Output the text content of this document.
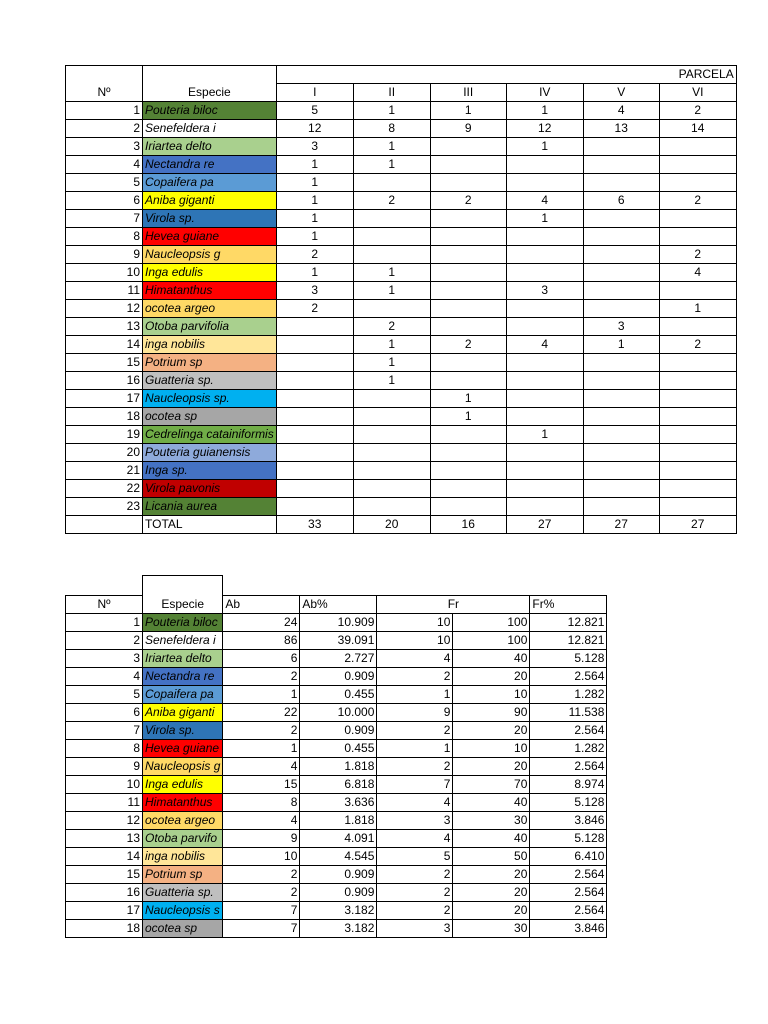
		PARCELA					
Nº	Especie	I	II	III	IV	V	VI
1	Pouteria biloc	5	1	1	1	4	2
2	Senefeldera i	12	8	9	12	13	14
3	Iriartea delto	3	1		1		
4	Nectandra re	1	1				
5	Copaifera pa	1					
6	Aniba giganti	1	2	2	4	6	2
7	Virola sp.	1			1		
8	Hevea guiane	1					
9	Naucleopsis g	2					2
10	Inga edulis	1	1				4
11	Himatanthus	3	1		3		
12	ocotea argeo	2					1
13	Otoba parvifolia		2			3	
14	inga nobilis		1	2	4	1	2
15	Potrium sp		1				
16	Guatteria sp.		1				
17	Naucleopsis sp.			1			
18	ocotea sp			1			
19	Cedrelinga catainiformis				1		
20	Pouteria guianensis						
21	Inga sp.						
22	Virola pavonis						
23	Licania aurea						
	TOTAL	33	20	16	27	27	27

Nº	Especie	Ab	Ab%	Fr		Fr%
1	Pouteria biloc	24	10.909	10	100	12.821
2	Senefeldera i	86	39.091	10	100	12.821
3	Iriartea delto	6	2.727	4	40	5.128
4	Nectandra re	2	0.909	2	20	2.564
5	Copaifera pa	1	0.455	1	10	1.282
6	Aniba giganti	22	10.000	9	90	11.538
7	Virola sp.	2	0.909	2	20	2.564
8	Hevea guiane	1	0.455	1	10	1.282
9	Naucleopsis g	4	1.818	2	20	2.564
10	Inga edulis	15	6.818	7	70	8.974
11	Himatanthus	8	3.636	4	40	5.128
12	ocotea argeo	4	1.818	3	30	3.846
13	Otoba parvifo	9	4.091	4	40	5.128
14	inga nobilis	10	4.545	5	50	6.410
15	Potrium sp	2	0.909	2	20	2.564
16	Guatteria sp.	2	0.909	2	20	2.564
17	Naucleopsis s	7	3.182	2	20	2.564
18	ocotea sp	7	3.182	3	30	3.846
